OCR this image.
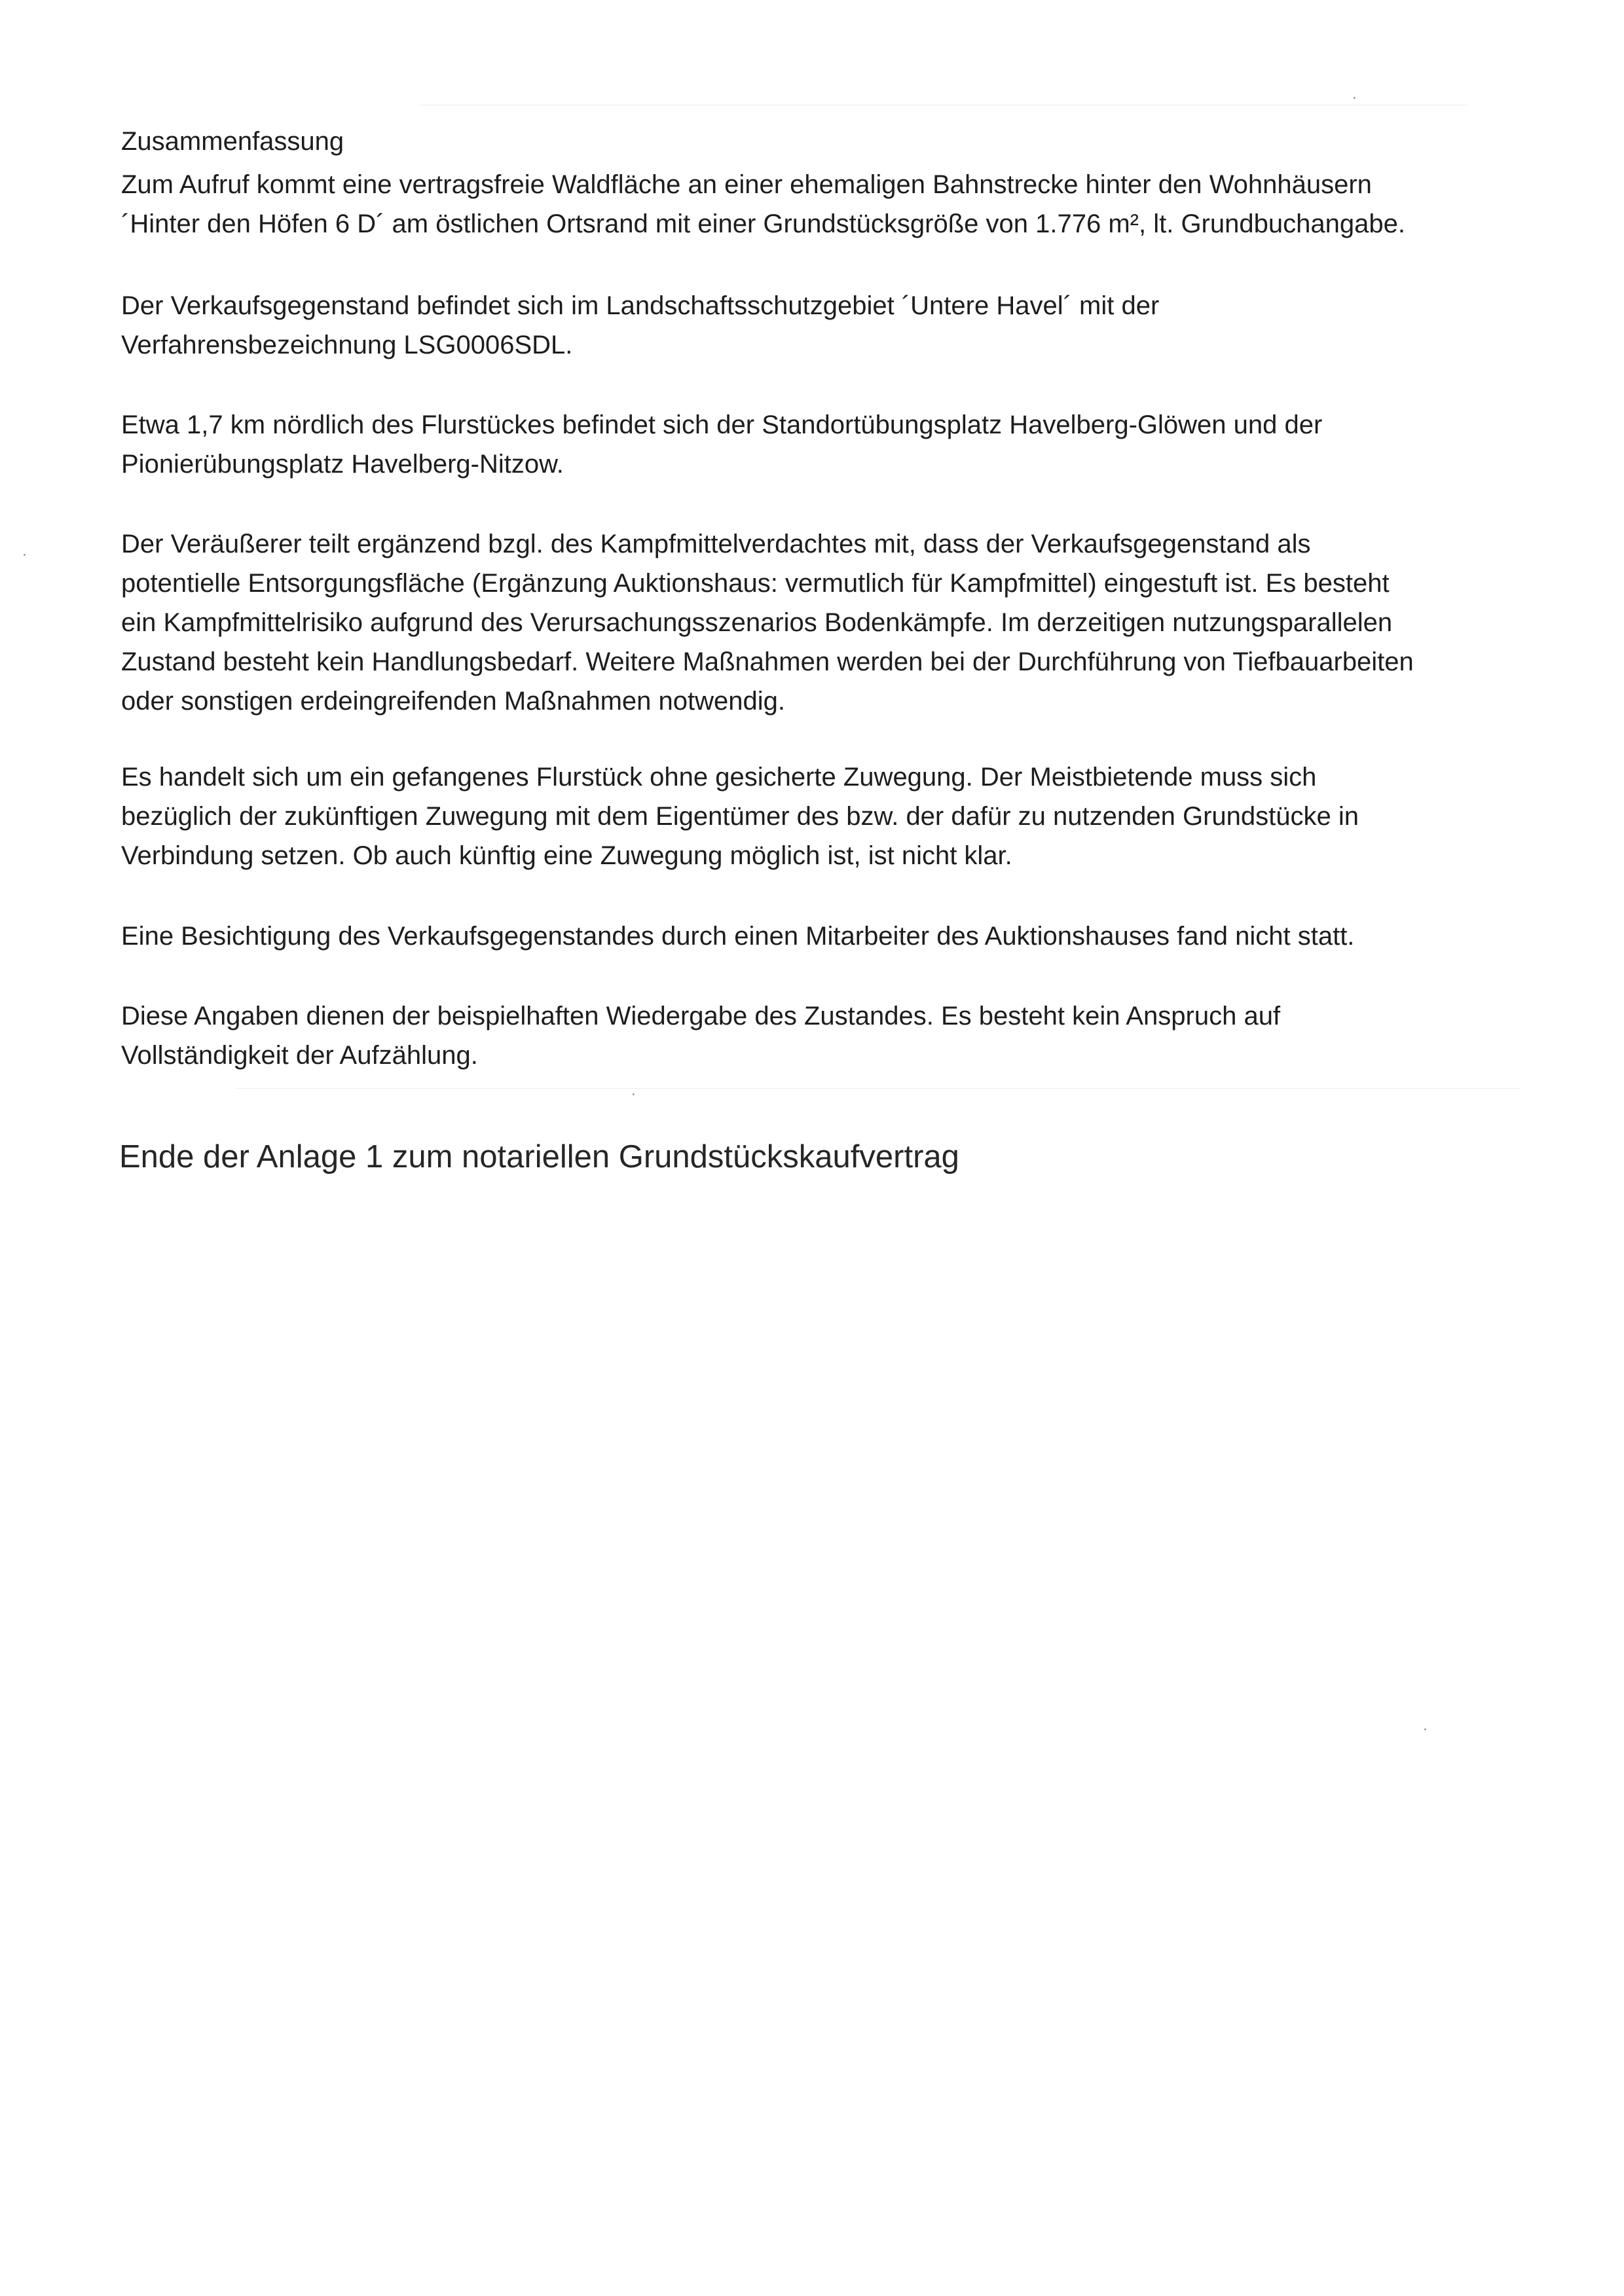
Zusammenfassung

Zum Aufruf kommt eine vertragsfreie Waldfläche an einer ehemaligen Bahnstrecke hinter den Wohnhäusern
´Hinter den Höfen 6 D´ am östlichen Ortsrand mit einer Grundstücksgröße von 1.776 m², lt. Grundbuchangabe.

Der Verkaufsgegenstand befindet sich im Landschaftsschutzgebiet ´Untere Havel´ mit der
Verfahrensbezeichnung LSG0006SDL.

Etwa 1,7 km nördlich des Flurstückes befindet sich der Standortübungsplatz Havelberg-Glöwen und der
Pionierübungsplatz Havelberg-Nitzow.

Der Veräußerer teilt ergänzend bzgl. des Kampfmittelverdachtes mit, dass der Verkaufsgegenstand als
potentielle Entsorgungsfläche (Ergänzung Auktionshaus: vermutlich für Kampfmittel) eingestuft ist. Es besteht
ein Kampfmittelrisiko aufgrund des Verursachungsszenarios Bodenkämpfe. Im derzeitigen nutzungsparallelen
Zustand besteht kein Handlungsbedarf. Weitere Maßnahmen werden bei der Durchführung von Tiefbauarbeiten
oder sonstigen erdeingreifenden Maßnahmen notwendig.

Es handelt sich um ein gefangenes Flurstück ohne gesicherte Zuwegung. Der Meistbietende muss sich
bezüglich der zukünftigen Zuwegung mit dem Eigentümer des bzw. der dafür zu nutzenden Grundstücke in
Verbindung setzen. Ob auch künftig eine Zuwegung möglich ist, ist nicht klar.

Eine Besichtigung des Verkaufsgegenstandes durch einen Mitarbeiter des Auktionshauses fand nicht statt.

Diese Angaben dienen der beispielhaften Wiedergabe des Zustandes. Es besteht kein Anspruch auf
Vollständigkeit der Aufzählung.

Ende der Anlage 1 zum notariellen Grundstückskaufvertrag
